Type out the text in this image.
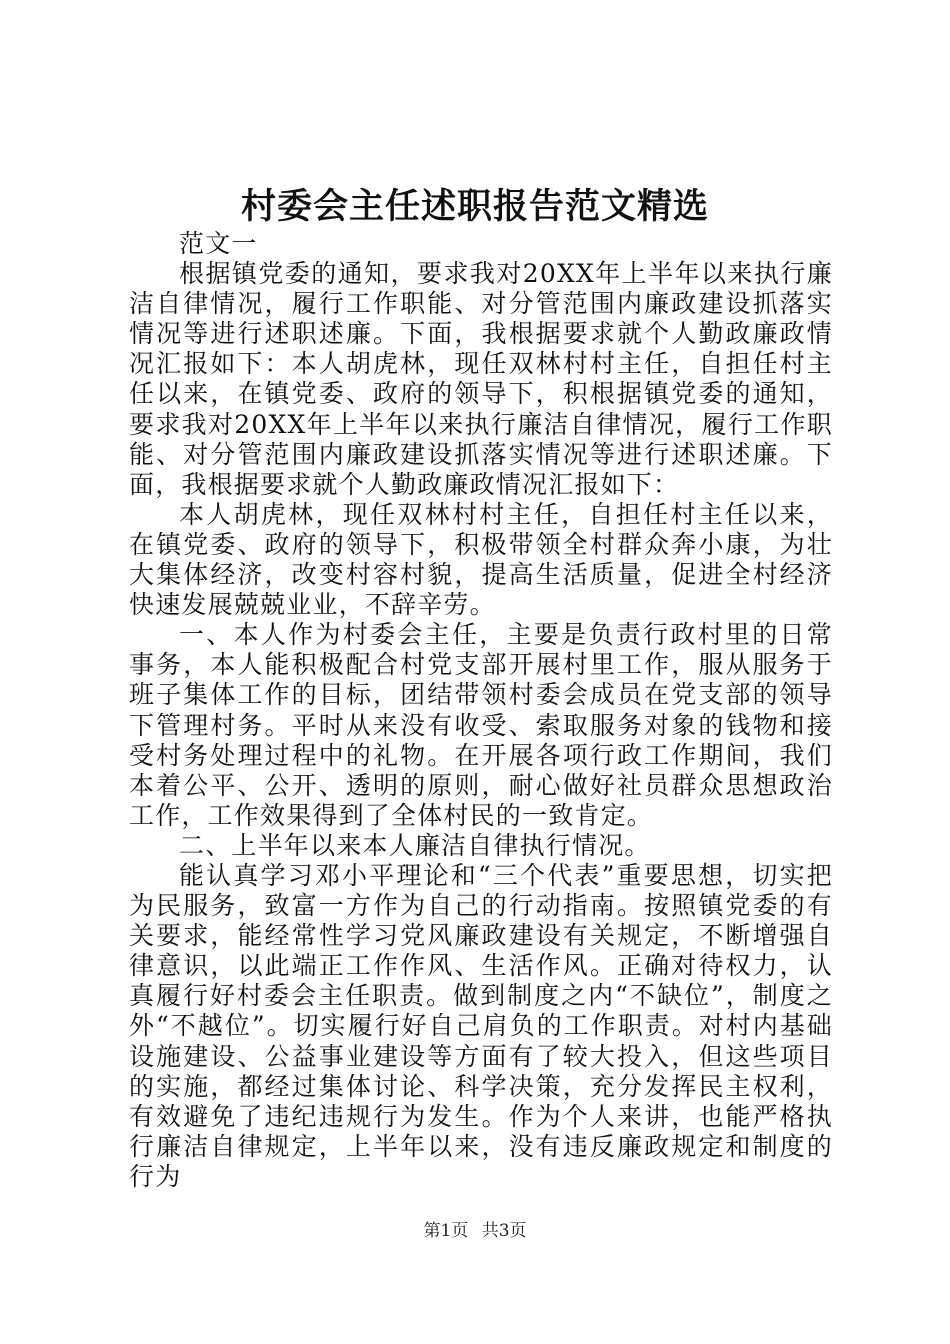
村委会主任述职报告范文精选

范文一

根据镇党委的通知，要求我对20XX年上半年以来执行廉洁自律情况，履行工作职能、对分管范围内廉政建设抓落实情况等进行述职述廉。下面，我根据要求就个人勤政廉政情况汇报如下：本人胡虎林，现任双林村村主任，自担任村主任以来，在镇党委、政府的领导下，积根据镇党委的通知，要求我对20XX年上半年以来执行廉洁自律情况，履行工作职能、对分管范围内廉政建设抓落实情况等进行述职述廉。下面，我根据要求就个人勤政廉政情况汇报如下：

本人胡虎林，现任双林村村主任，自担任村主任以来，在镇党委、政府的领导下，积极带领全村群众奔小康，为壮大集体经济，改变村容村貌，提高生活质量，促进全村经济快速发展兢兢业业，不辞辛劳。

一、本人作为村委会主任，主要是负责行政村里的日常事务，本人能积极配合村党支部开展村里工作，服从服务于班子集体工作的目标，团结带领村委会成员在党支部的领导下管理村务。平时从来没有收受、索取服务对象的钱物和接受村务处理过程中的礼物。在开展各项行政工作期间，我们本着公平、公开、透明的原则，耐心做好社员群众思想政治工作，工作效果得到了全体村民的一致肯定。

二、上半年以来本人廉洁自律执行情况。

能认真学习邓小平理论和“三个代表”重要思想，切实把为民服务，致富一方作为自己的行动指南。按照镇党委的有关要求，能经常性学习党风廉政建设有关规定，不断增强自律意识，以此端正工作作风、生活作风。正确对待权力，认真履行好村委会主任职责。做到制度之内“不缺位”，制度之外“不越位”。切实履行好自己肩负的工作职责。对村内基础设施建设、公益事业建设等方面有了较大投入，但这些项目的实施，都经过集体讨论、科学决策，充分发挥民主权利，有效避免了违纪违规行为发生。作为个人来讲，也能严格执行廉洁自律规定，上半年以来，没有违反廉政规定和制度的行为

第1页 共3页
